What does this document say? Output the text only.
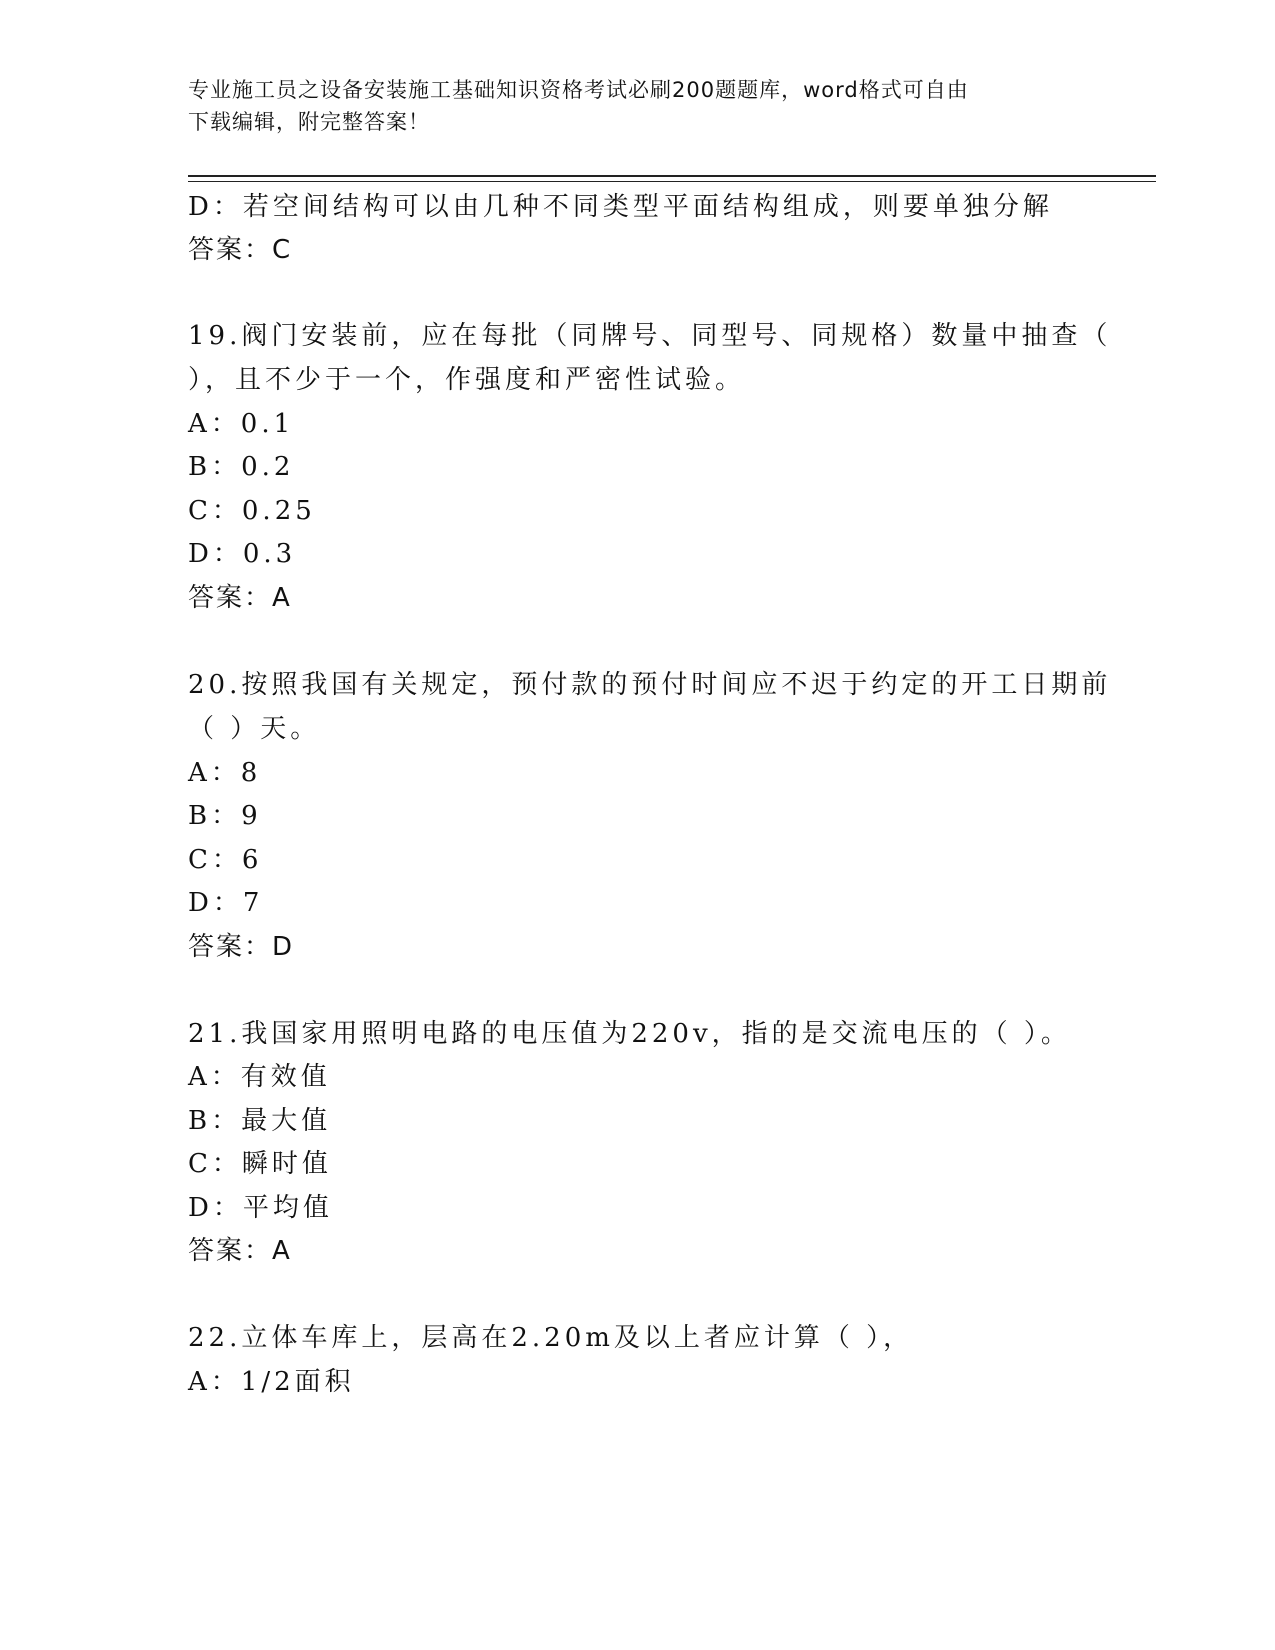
专业施工员之设备安装施工基础知识资格考试必刷200题题库，word格式可自由
下载编辑，附完整答案！
D：若空间结构可以由几种不同类型平面结构组成，则要单独分解
答案：C
19.阀门安装前，应在每批（同牌号、同型号、同规格）数量中抽查（
），且不少于一个，作强度和严密性试验。
A：0.1
B：0.2
C：0.25
D：0.3
答案：A
20.按照我国有关规定，预付款的预付时间应不迟于约定的开工日期前
（ ）天。
A：8
B：9
C：6
D：7
答案：D
21.我国家用照明电路的电压值为220v，指的是交流电压的（ ）。
A：有效值
B：最大值
C：瞬时值
D：平均值
答案：A
22.立体车库上，层高在2.20m及以上者应计算（ ），
A：1/2面积
